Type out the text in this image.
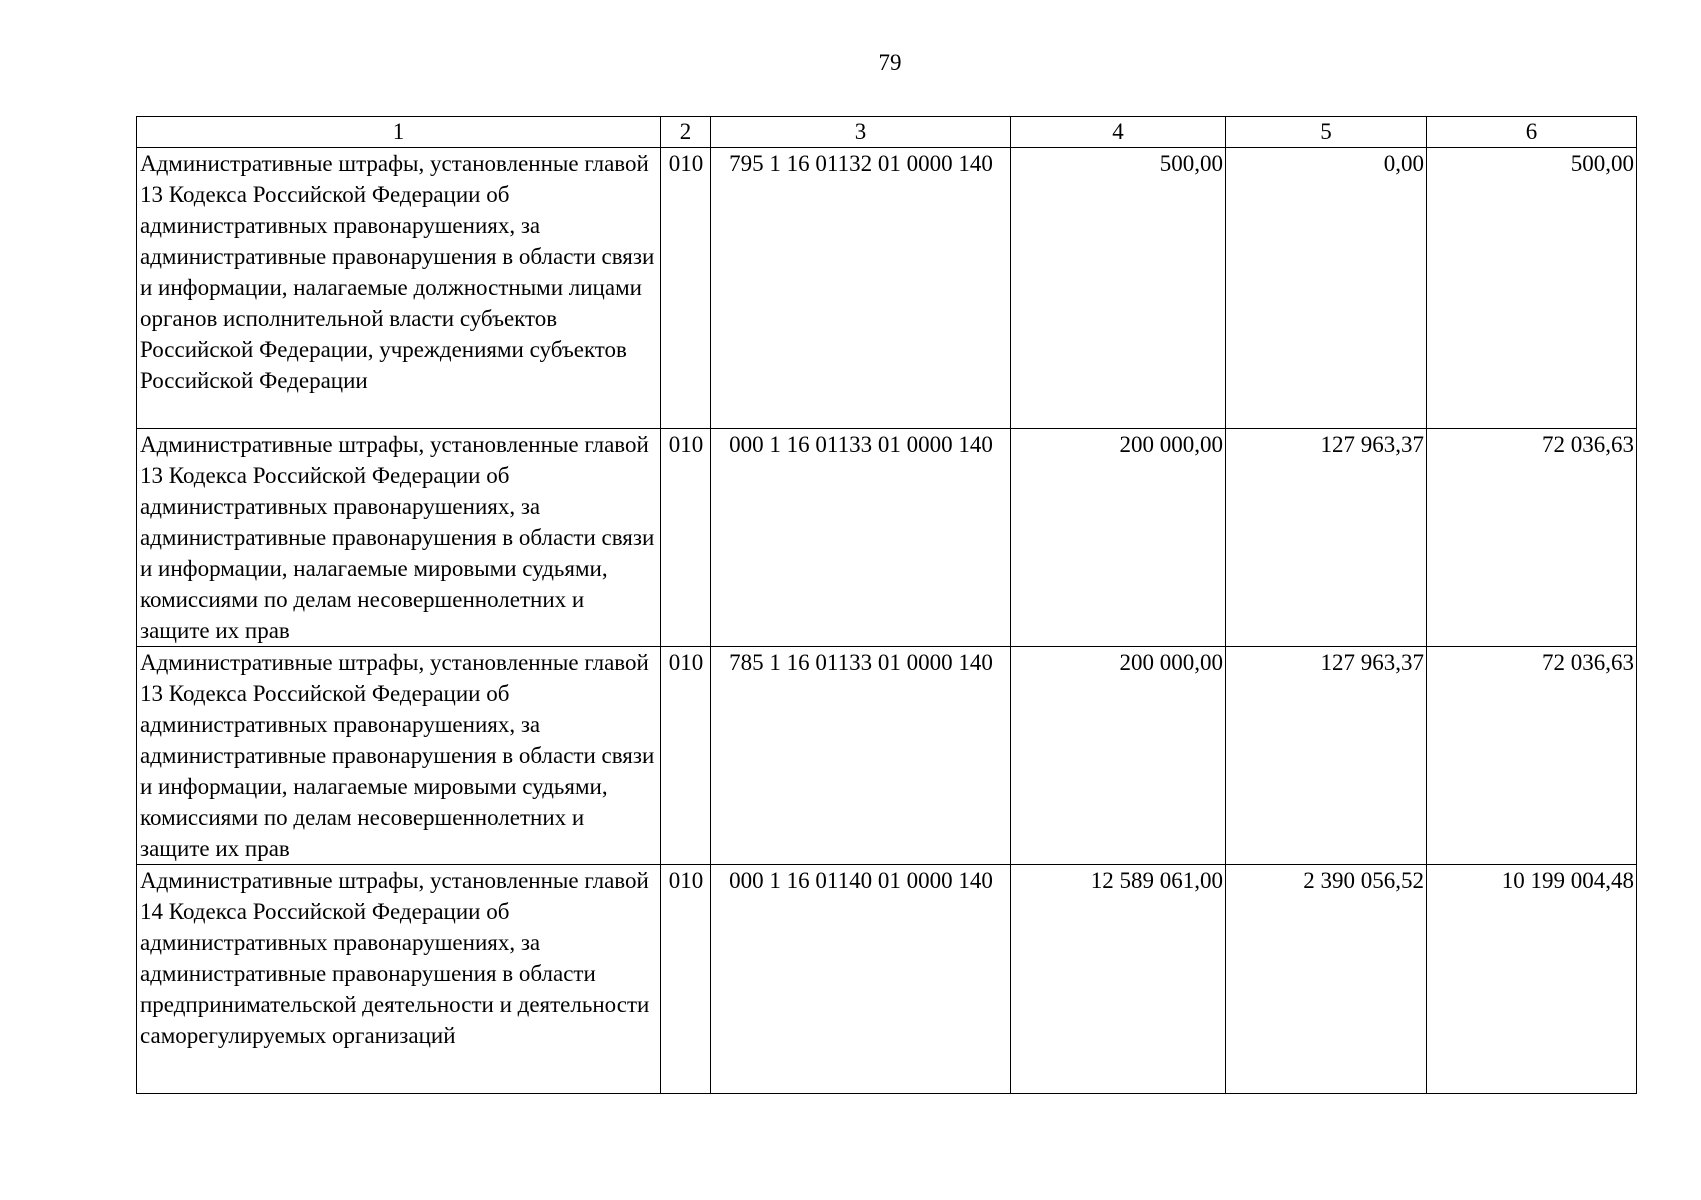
79
1	2	3	4	5	6
Административные штрафы, установленные главой 13 Кодекса Российской Федерации об административных правонарушениях, за административные правонарушения в области связи и информации, налагаемые должностными лицами органов исполнительной власти субъектов Российской Федерации, учреждениями субъектов Российской Федерации	010	795 1 16 01132 01 0000 140	500,00	0,00	500,00
Административные штрафы, установленные главой 13 Кодекса Российской Федерации об административных правонарушениях, за административные правонарушения в области связи и информации, налагаемые мировыми судьями, комиссиями по делам несовершеннолетних и защите их прав	010	000 1 16 01133 01 0000 140	200 000,00	127 963,37	72 036,63
Административные штрафы, установленные главой 13 Кодекса Российской Федерации об административных правонарушениях, за административные правонарушения в области связи и информации, налагаемые мировыми судьями, комиссиями по делам несовершеннолетних и защите их прав	010	785 1 16 01133 01 0000 140	200 000,00	127 963,37	72 036,63
Административные штрафы, установленные главой 14 Кодекса Российской Федерации об административных правонарушениях, за административные правонарушения в области предпринимательской деятельности и деятельности саморегулируемых организаций	010	000 1 16 01140 01 0000 140	12 589 061,00	2 390 056,52	10 199 004,48
